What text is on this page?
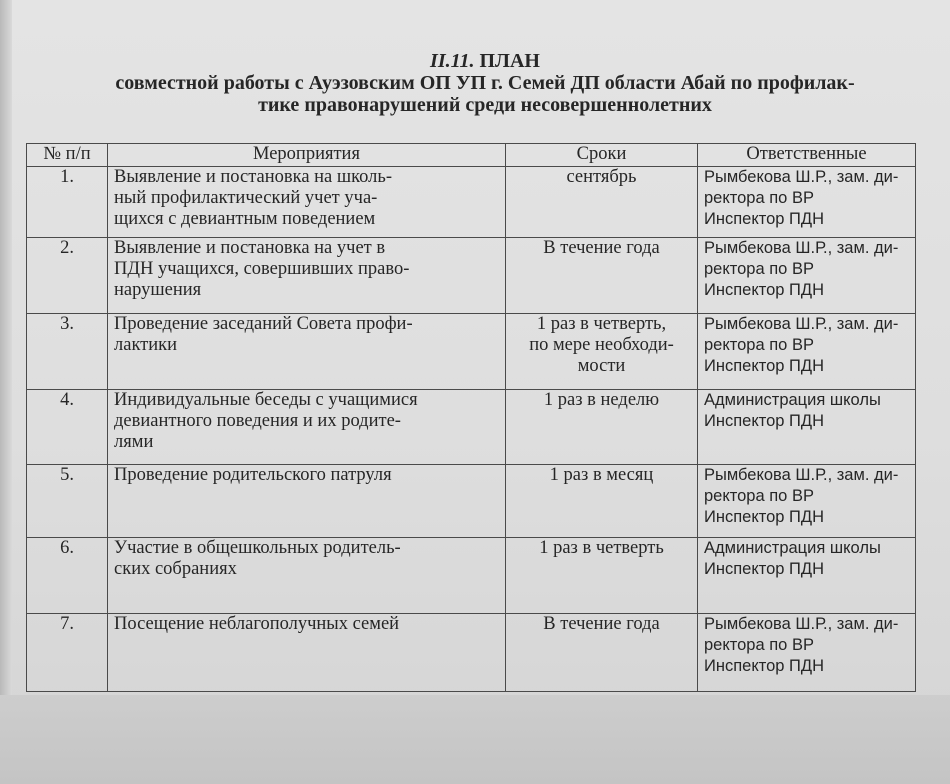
II.11. ПЛАН
совместной работы с Ауэзовским ОП УП г. Семей ДП области Абай по профилак-
тике правонарушений среди несовершеннолетних
№ п/п	Мероприятия	Сроки	Ответственные
1.	Выявление и постановка на школь-
ный профилактический учет уча-
щихся с девиантным поведением	сентябрь	Рымбекова Ш.Р., зам. ди-
ректора по ВР
Инспектор ПДН
2.	Выявление и постановка на учет в
ПДН учащихся, совершивших право-
нарушения	В течение года	Рымбекова Ш.Р., зам. ди-
ректора по ВР
Инспектор ПДН
3.	Проведение заседаний Совета профи-
лактики	1 раз в четверть,
по мере необходи-
мости	Рымбекова Ш.Р., зам. ди-
ректора по ВР
Инспектор ПДН
4.	Индивидуальные беседы с учащимися
девиантного поведения и их родите-
лями	1 раз в неделю	Администрация школы
Инспектор ПДН
5.	Проведение родительского патруля	1 раз в месяц	Рымбекова Ш.Р., зам. ди-
ректора по ВР
Инспектор ПДН
6.	Участие в общешкольных родитель-
ских собраниях	1 раз в четверть	Администрация школы
Инспектор ПДН
7.	Посещение неблагополучных семей	В течение года	Рымбекова Ш.Р., зам. ди-
ректора по ВР
Инспектор ПДН
